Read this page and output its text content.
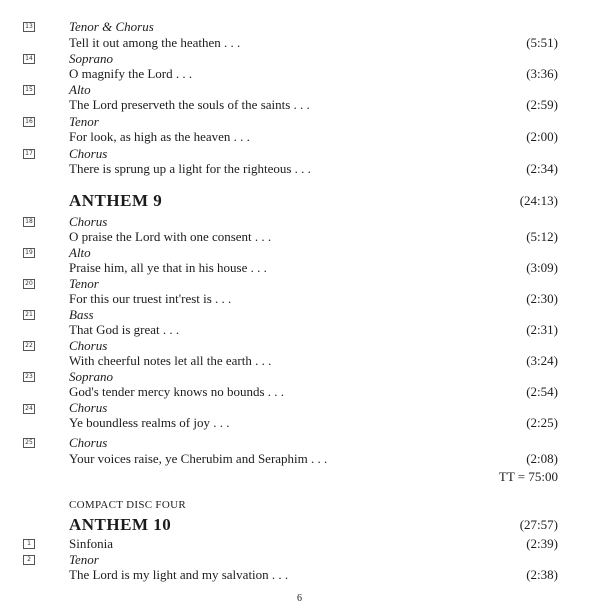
13	Tenor & Chorus
Tell it out among the heathen . . .	(5:51)
14	Soprano
O magnify the Lord . . .	(3:36)
15	Alto
The Lord preserveth the souls of the saints . . .	(2:59)
16	Tenor
For look, as high as the heaven . . .	(2:00)
17	Chorus
There is sprung up a light for the righteous . . .	(2:34)
ANTHEM 9	(24:13)
18	Chorus
O praise the Lord with one consent . . .	(5:12)
19	Alto
Praise him, all ye that in his house . . .	(3:09)
20	Tenor
For this our truest int'rest is . . .	(2:30)
21	Bass
That God is great . . .	(2:31)
22	Chorus
With cheerful notes let all the earth . . .	(3:24)
23	Soprano
God's tender mercy knows no bounds . . .	(2:54)
24	Chorus
Ye boundless realms of joy . . .	(2:25)
25	Chorus
Your voices raise, ye Cherubim and Seraphim . . .	(2:08)
TT = 75:00
COMPACT DISC FOUR
ANTHEM 10	(27:57)
1	Sinfonia	(2:39)
2	Tenor
The Lord is my light and my salvation . . .	(2:38)
6
